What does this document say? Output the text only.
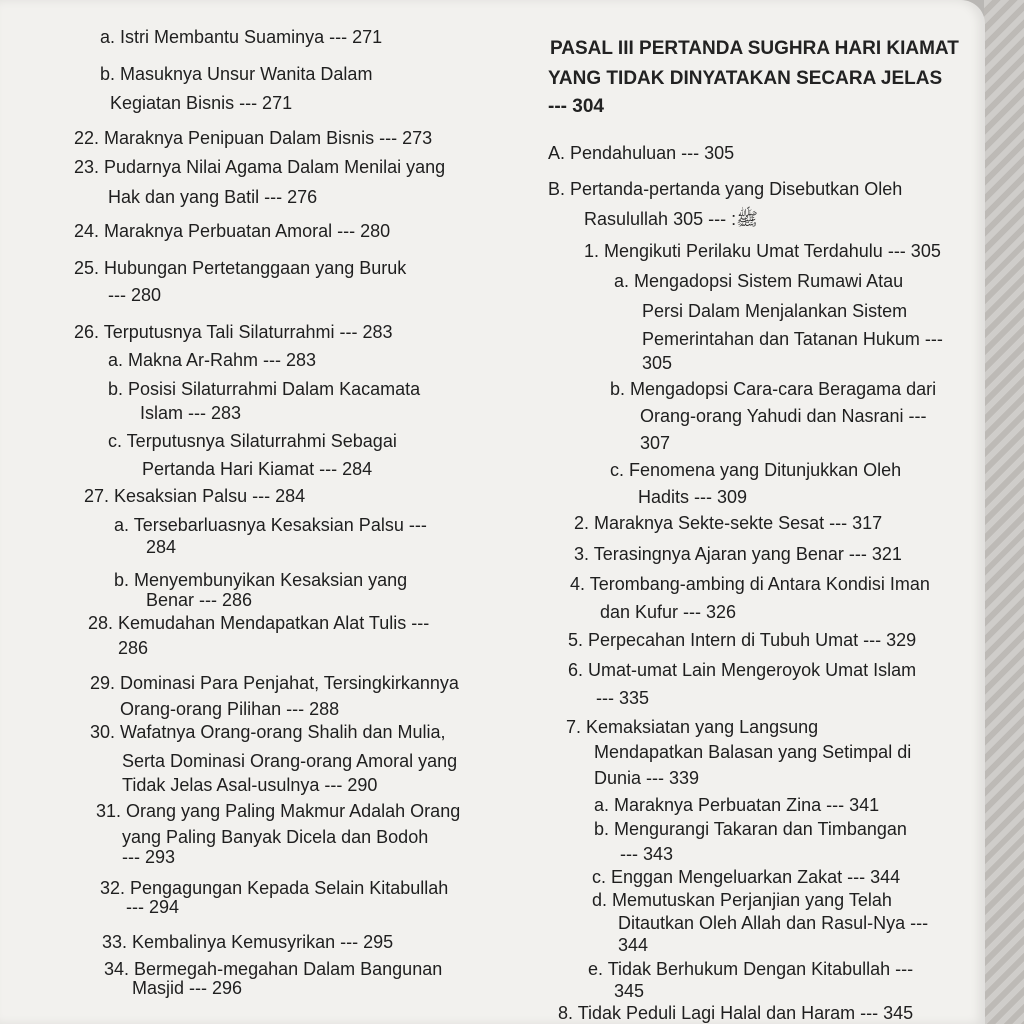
a. Istri Membantu Suaminya --- 271

b. Masuknya Unsur Wanita Dalam

Kegiatan Bisnis --- 271

22. Maraknya Penipuan Dalam Bisnis --- 273

23. Pudarnya Nilai Agama Dalam Menilai yang

Hak dan yang Batil --- 276

24. Maraknya Perbuatan Amoral --- 280

25. Hubungan Pertetanggaan yang Buruk

--- 280

26. Terputusnya Tali Silaturrahmi --- 283

a. Makna Ar-Rahm --- 283

b. Posisi Silaturrahmi Dalam Kacamata

Islam --- 283

c. Terputusnya Silaturrahmi Sebagai

Pertanda Hari Kiamat --- 284

27. Kesaksian Palsu --- 284

a. Tersebarluasnya Kesaksian Palsu ---

284

b. Menyembunyikan Kesaksian yang

Benar --- 286

28. Kemudahan Mendapatkan Alat Tulis ---

286

29. Dominasi Para Penjahat, Tersingkirkannya

Orang-orang Pilihan --- 288

30. Wafatnya Orang-orang Shalih dan Mulia,

Serta Dominasi Orang-orang Amoral yang

Tidak Jelas Asal-usulnya --- 290

31. Orang yang Paling Makmur Adalah Orang

yang Paling Banyak Dicela dan Bodoh

--- 293

32. Pengagungan Kepada Selain Kitabullah

--- 294

33. Kembalinya Kemusyrikan --- 295

34. Bermegah-megahan Dalam Bangunan

Masjid --- 296

PASAL III PERTANDA SUGHRA HARI KIAMAT

YANG TIDAK DINYATAKAN SECARA JELAS

--- 304

A. Pendahuluan --- 305

B. Pertanda-pertanda yang Disebutkan Oleh

Rasulullah ﷺ: --- 305

1. Mengikuti Perilaku Umat Terdahulu --- 305

a. Mengadopsi Sistem Rumawi Atau

Persi Dalam Menjalankan Sistem

Pemerintahan dan Tatanan Hukum ---

305

b. Mengadopsi Cara-cara Beragama dari

Orang-orang Yahudi dan Nasrani ---

307

c. Fenomena yang Ditunjukkan Oleh

Hadits --- 309

2. Maraknya Sekte-sekte Sesat --- 317

3. Terasingnya Ajaran yang Benar --- 321

4. Terombang-ambing di Antara Kondisi Iman

dan Kufur --- 326

5. Perpecahan Intern di Tubuh Umat --- 329

6. Umat-umat Lain Mengeroyok Umat Islam

--- 335

7. Kemaksiatan yang Langsung

Mendapatkan Balasan yang Setimpal di

Dunia --- 339

a. Maraknya Perbuatan Zina --- 341

b. Mengurangi Takaran dan Timbangan

--- 343

c. Enggan Mengeluarkan Zakat --- 344

d. Memutuskan Perjanjian yang Telah

Ditautkan Oleh Allah dan Rasul-Nya ---

344

e. Tidak Berhukum Dengan Kitabullah ---

345

8. Tidak Peduli Lagi Halal dan Haram --- 345
